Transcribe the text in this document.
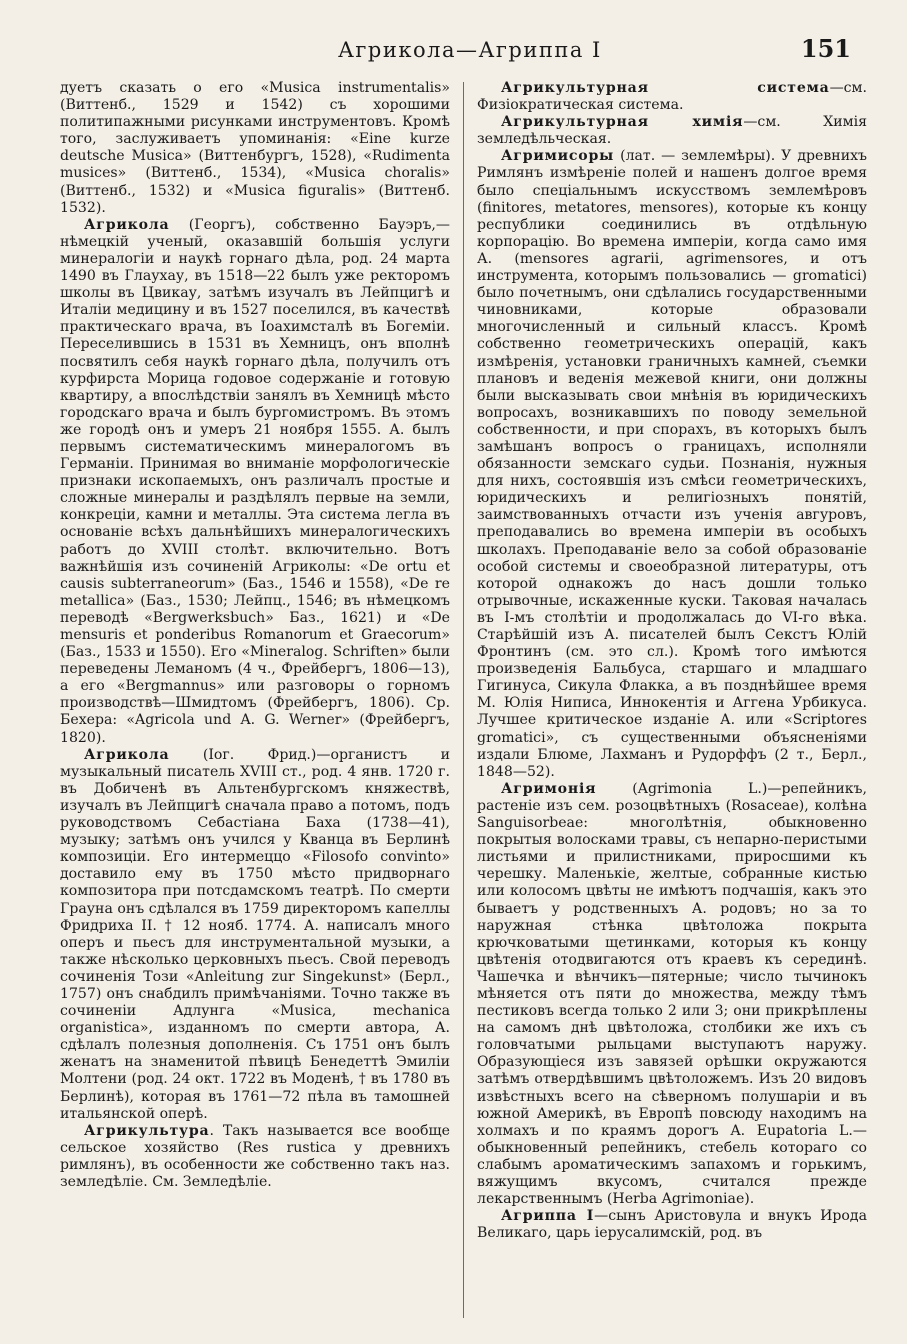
Агрикола—Агриппа I	151

дуетъ сказать о его «Musica instrumentalis» (Виттенб., 1529 и 1542) съ хорошими политипажными рисунками инструментовъ. Кромѣ того, заслуживаетъ упоминанія: «Eine kurze deutsche Musica» (Виттенбургъ, 1528), «Rudimenta musices» (Виттенб., 1534), «Musica choralis» (Виттенб., 1532) и «Musica figuralis» (Виттенб. 1532).

Агрикола (Георгъ), собственно Бауэръ,—нѣмецкій ученый, оказавшій большія услуги минералогіи и наукѣ горнаго дѣла, род. 24 марта 1490 въ Глаухау, въ 1518—22 былъ уже ректоромъ школы въ Цвикау, затѣмъ изучалъ въ Лейпцигѣ и Италіи медицину и въ 1527 поселился, въ качествѣ практическаго врача, въ Іоахимсталѣ въ Богеміи. Переселившись в 1531 въ Хемницъ, онъ вполнѣ посвятилъ себя наукѣ горнаго дѣла, получилъ отъ курфирста Морица годовое содержаніе и готовую квартиру, а впослѣдствіи занялъ въ Хемницѣ мѣсто городскаго врача и былъ бургомистромъ. Въ этомъ же городѣ онъ и умеръ 21 ноября 1555. А. былъ первымъ систематическимъ минералогомъ въ Германіи. Принимая во вниманіе морфологическіе признаки ископаемыхъ, онъ различалъ простые и сложные минералы и раздѣлялъ первые на земли, конкреціи, камни и металлы. Эта система легла въ основаніе всѣхъ дальнѣйшихъ минералогическихъ работъ до XVIII столѣт. включительно. Вотъ важнѣйшія изъ сочиненій Агриколы: «De ortu et causis subterraneorum» (Баз., 1546 и 1558), «De re metallica» (Баз., 1530; Лейпц., 1546; въ нѣмецкомъ переводѣ «Bergwerksbuch» Баз., 1621) и «De mensuris et ponderibus Romanorum et Graecorum» (Баз., 1533 и 1550). Его «Mineralog. Schriften» были переведены Леманомъ (4 ч., Фрейбергъ, 1806—13), а его «Bergmannus» или разговоры о горномъ производствѣ—Шмидтомъ (Фрейбергъ, 1806). Ср. Бехера: «Agricola und A. G. Werner» (Фрейбергъ, 1820).

Агрикола (Іог. Фрид.)—органистъ и музыкальный писатель XVIII ст., род. 4 янв. 1720 г. въ Добиченѣ въ Альтенбургскомъ княжествѣ, изучалъ въ Лейпцигѣ сначала право а потомъ, подъ руководствомъ Себастіана Баха (1738—41), музыку; затѣмъ онъ учился у Кванца въ Берлинѣ композиціи. Его интермеццо «Filosofo convinto» доставило ему въ 1750 мѣсто придворнаго композитора при потсдамскомъ театрѣ. По смерти Грауна онъ сдѣлался въ 1759 директоромъ капеллы Фридриха II. † 12 нояб. 1774. А. написалъ много оперъ и пьесъ для инструментальной музыки, а также нѣсколько церковныхъ пьесъ. Свой переводъ сочиненія Този «Anleitung zur Singekunst» (Берл., 1757) онъ снабдилъ примѣчаніями. Точно также въ сочиненіи Адлунга «Musica, mechanica organistica», изданномъ по смерти автора, А. сдѣлалъ полезныя дополненія. Съ 1751 онъ былъ женатъ на знаменитой пѣвицѣ Бенедеттѣ Эмиліи Молтени (род. 24 окт. 1722 въ Моденѣ, † въ 1780 въ Берлинѣ), которая въ 1761—72 пѣла въ тамошней итальянской оперѣ.

Агрикультура. Такъ называется все вообще сельское хозяйство (Res rustica у древнихъ римлянъ), въ особенности же собственно такъ наз. земледѣліе. См. Земледѣліе.

Агрикультурная система—см. Физіократическая система.

Агрикультурная химія—см. Химія земледѣльческая.

Агримисоры (лат. — землемѣры). У древнихъ Римлянъ измѣреніе полей и нашенъ долгое время было спеціальнымъ искусствомъ землемѣровъ (finitores, metatores, mensores), которые къ концу республики соединились въ отдѣльную корпорацію. Во времена имперіи, когда само имя А. (mensores agrarii, agrimensores, и отъ инструмента, которымъ пользовались — gromatici) было почетнымъ, они сдѣлались государственными чиновниками, которые образовали многочисленный и сильный классъ. Кромѣ собственно геометрическихъ операцій, какъ измѣренія, установки граничныхъ камней, съемки плановъ и веденія межевой книги, они должны были высказывать свои мнѣнія въ юридическихъ вопросахъ, возникавшихъ по поводу земельной собственности, и при спорахъ, въ которыхъ былъ замѣшанъ вопросъ о границахъ, исполняли обязанности земскаго судьи. Познанія, нужныя для нихъ, состоявшія изъ смѣси геометрическихъ, юридическихъ и религіозныхъ понятій, заимствованныхъ отчасти изъ ученія авгуровъ, преподавались во времена имперіи въ особыхъ школахъ. Преподаваніе вело за собой образованіе особой системы и своеобразной литературы, отъ которой однакожъ до насъ дошли только отрывочные, искаженные куски. Таковая началась въ I-мъ столѣтіи и продолжалась до VI-го вѣка. Старѣйшій изъ А. писателей былъ Секстъ Юлій Фронтинъ (см. это сл.). Кромѣ того имѣются произведенія Бальбуса, старшаго и младшаго Гигинуса, Сикула Флакка, а въ позднѣйшее время М. Юлія Ниписа, Иннокентія и Аггена Урбикуса. Лучшее критическое изданіе А. или «Scriptores gromatici», съ существенными объясненіями издали Блюме, Лахманъ и Рудорффъ (2 т., Берл., 1848—52).

Агримонія (Agrimonia L.)—репейникъ, растеніе изъ сем. розоцвѣтныхъ (Rosaceae), колѣна Sanguisorbeae: многолѣтнія, обыкновенно покрытыя волосками травы, съ непарно-перистыми листьями и прилистниками, приросшими къ черешку. Маленькіе, желтые, собранные кистью или колосомъ цвѣты не имѣютъ подчашія, какъ это бываетъ у родственныхъ А. родовъ; но за то наружная стѣнка цвѣтоложа покрыта крючковатыми щетинками, которыя къ концу цвѣтенія отодвигаются отъ краевъ къ серединѣ. Чашечка и вѣнчикъ—пятерные; число тычинокъ мѣняется отъ пяти до множества, между тѣмъ пестиковъ всегда только 2 или 3; они прикрѣплены на самомъ днѣ цвѣтоложа, столбики же ихъ съ головчатыми рыльцами выступаютъ наружу. Образующіеся изъ завязей орѣшки окружаются затѣмъ отвердѣвшимъ цвѣтоложемъ. Изъ 20 видовъ извѣстныхъ всего на сѣверномъ полушаріи и въ южной Америкѣ, въ Европѣ повсюду находимъ на холмахъ и по краямъ дорогъ A. Eupatoria L.—обыкновенный репейникъ, стебель котораго со слабымъ ароматическимъ запахомъ и горькимъ, вяжущимъ вкусомъ, считался прежде лекарственнымъ (Herba Agrimoniae).

Агриппа I—сынъ Аристовула и внукъ Ирода Великаго, царь іерусалимскій, род. въ
